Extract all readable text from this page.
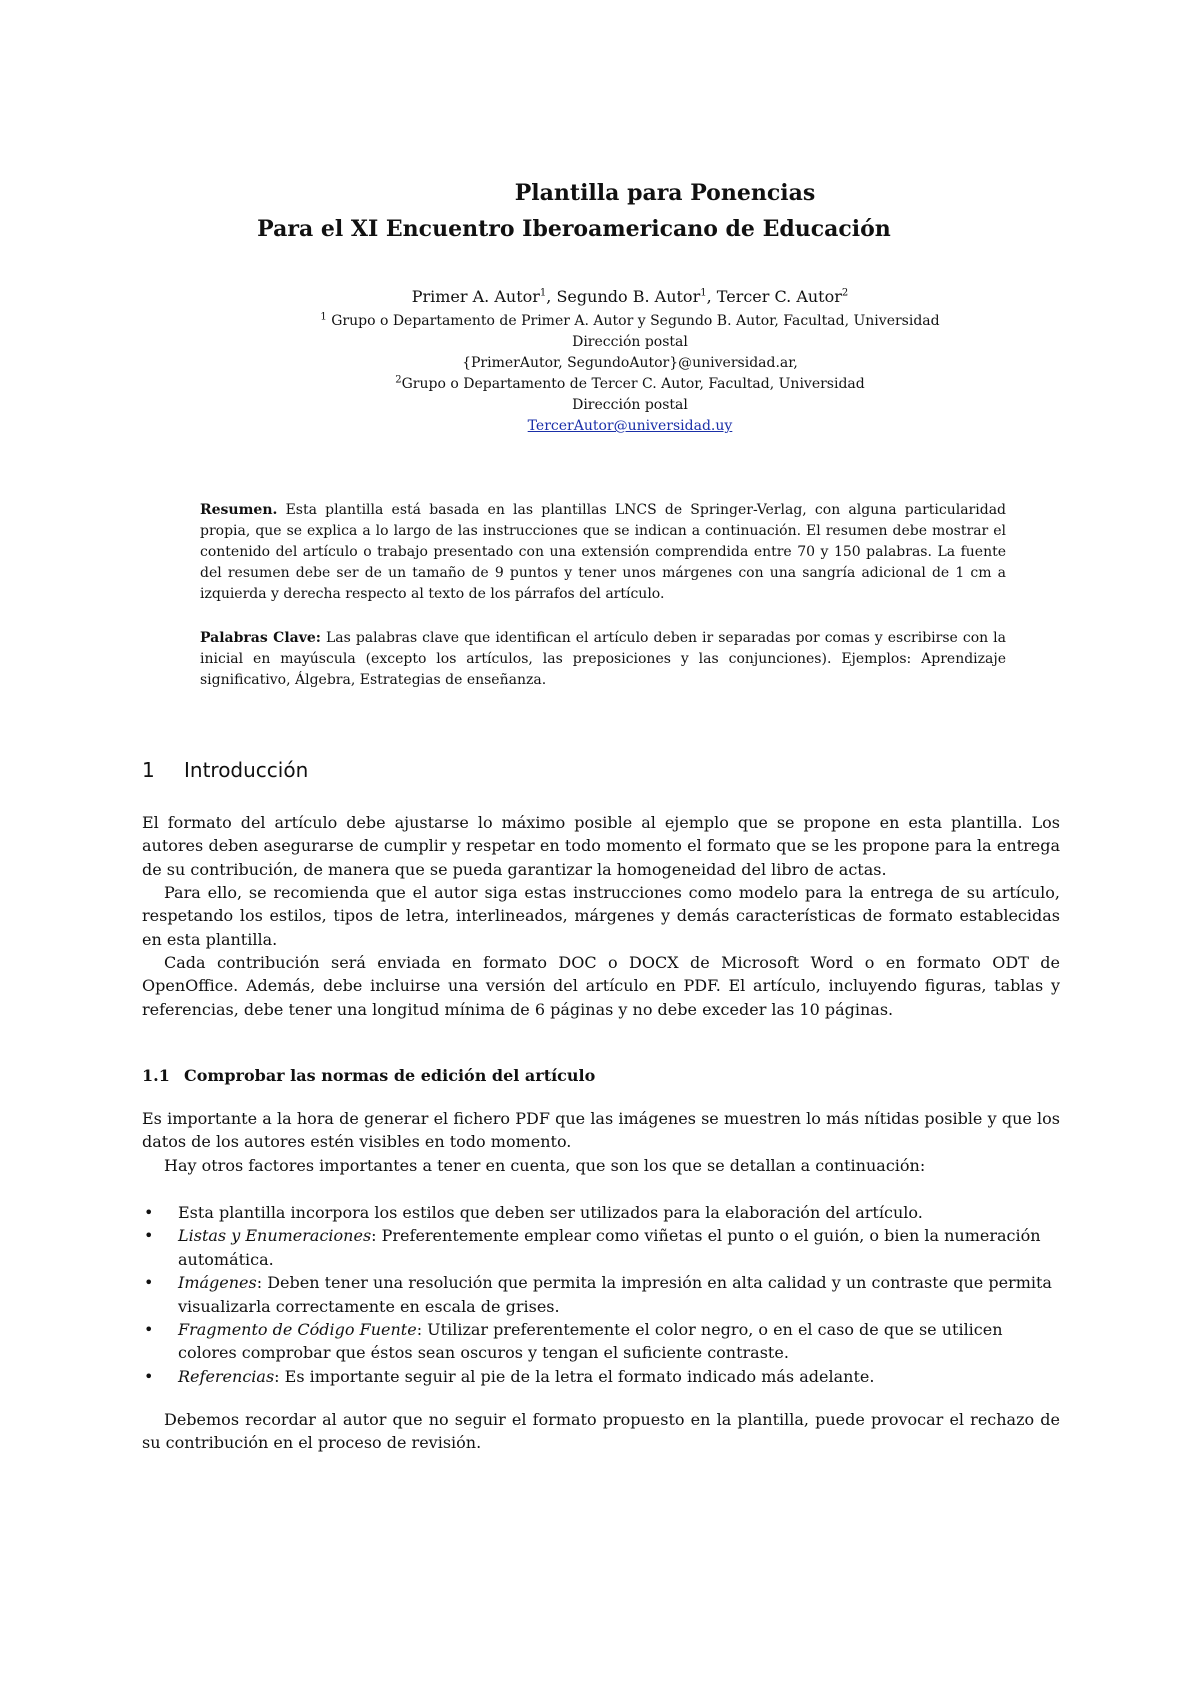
Plantilla para Ponencias
Para el XI Encuentro Iberoamericano de Educación
Primer A. Autor$^1$, Segundo B. Autor$^1$, Tercer C. Autor$^2$
$^1$ Grupo o Departamento de Primer A. Autor y Segundo B. Autor, Facultad, Universidad
Dirección postal
{PrimerAutor, SegundoAutor}@universidad.ar,
$^2$Grupo o Departamento de Tercer C. Autor, Facultad, Universidad
Dirección postal
TercerAutor@universidad.uy
Resumen. Esta plantilla está basada en las plantillas LNCS de Springer-Verlag, con alguna particularidad propia, que se explica a lo largo de las instrucciones que se indican a continuación. El resumen debe mostrar el contenido del artículo o trabajo presentado con una extensión comprendida entre 70 y 150 palabras. La fuente del resumen debe ser de un tamaño de 9 puntos y tener unos márgenes con una sangría adicional de 1 cm a izquierda y derecha respecto al texto de los párrafos del artículo.
Palabras Clave: Las palabras clave que identifican el artículo deben ir separadas por comas y escribirse con la inicial en mayúscula (excepto los artículos, las preposiciones y las conjunciones). Ejemplos: Aprendizaje significativo, Álgebra, Estrategias de enseñanza.
1 Introducción
El formato del artículo debe ajustarse lo máximo posible al ejemplo que se propone en esta plantilla. Los autores deben asegurarse de cumplir y respetar en todo momento el formato que se les propone para la entrega de su contribución, de manera que se pueda garantizar la homogeneidad del libro de actas.
Para ello, se recomienda que el autor siga estas instrucciones como modelo para la entrega de su artículo, respetando los estilos, tipos de letra, interlineados, márgenes y demás características de formato establecidas en esta plantilla.
Cada contribución será enviada en formato DOC o DOCX de Microsoft Word o en formato ODT de OpenOffice. Además, debe incluirse una versión del artículo en PDF. El artículo, incluyendo figuras, tablas y referencias, debe tener una longitud mínima de 6 páginas y no debe exceder las 10 páginas.
1.1 Comprobar las normas de edición del artículo
Es importante a la hora de generar el fichero PDF que las imágenes se muestren lo más nítidas posible y que los datos de los autores estén visibles en todo momento.
Hay otros factores importantes a tener en cuenta, que son los que se detallan a continuación:
• Esta plantilla incorpora los estilos que deben ser utilizados para la elaboración del artículo.
• Listas y Enumeraciones: Preferentemente emplear como viñetas el punto o el guión, o bien la numeración automática.
• Imágenes: Deben tener una resolución que permita la impresión en alta calidad y un contraste que permita visualizarla correctamente en escala de grises.
• Fragmento de Código Fuente: Utilizar preferentemente el color negro, o en el caso de que se utilicen colores comprobar que éstos sean oscuros y tengan el suficiente contraste.
• Referencias: Es importante seguir al pie de la letra el formato indicado más adelante.
Debemos recordar al autor que no seguir el formato propuesto en la plantilla, puede provocar el rechazo de su contribución en el proceso de revisión.
